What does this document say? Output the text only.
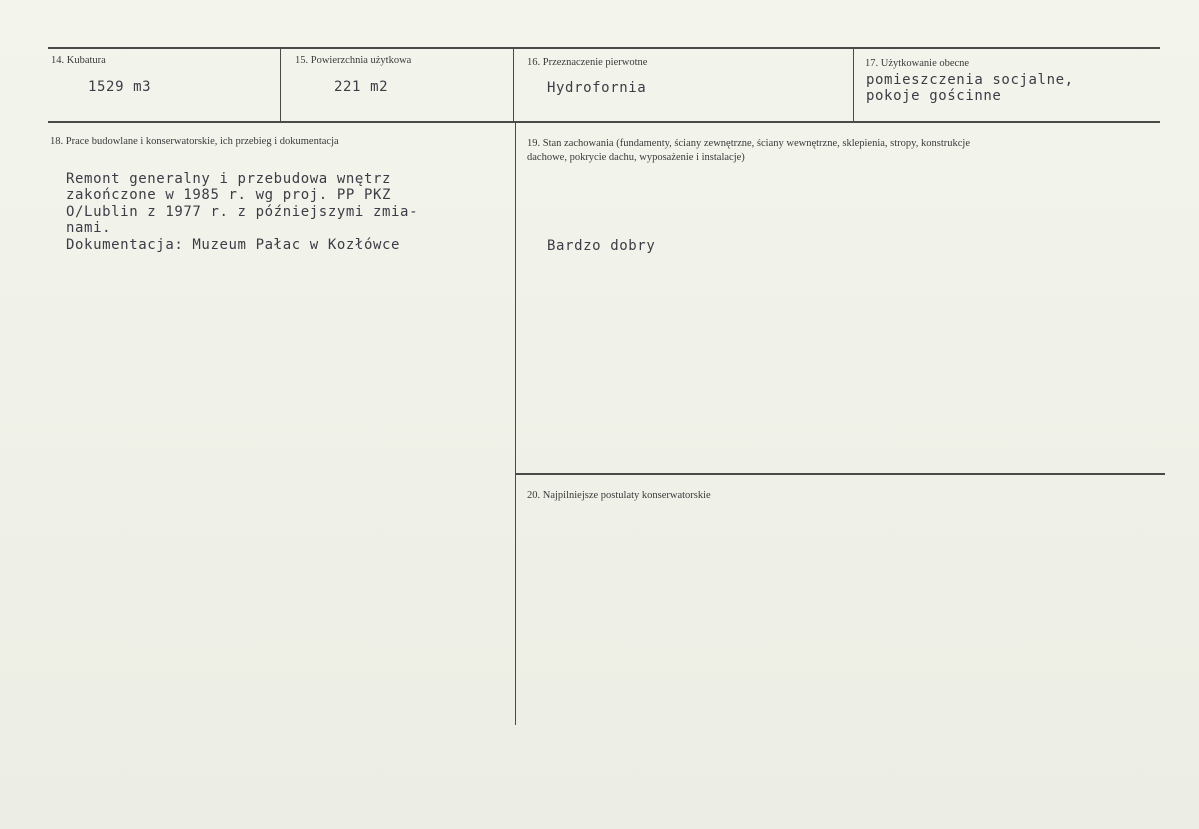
14. Kubatura
1529 m3
15. Powierzchnia użytkowa
221 m2
16. Przeznaczenie pierwotne
Hydrofornia
17. Użytkowanie obecne
pomieszczenia socjalne,
pokoje gościnne
18. Prace budowlane i konserwatorskie, ich przebieg i dokumentacja
Remont generalny i przebudowa wnętrz
zakończone w 1985 r. wg proj. PP PKZ
O/Lublin z 1977 r. z późniejszymi zmia-
nami.
Dokumentacja: Muzeum Pałac w Kozłówce
19. Stan zachowania (fundamenty, ściany zewnętrzne, ściany wewnętrzne, sklepienia, stropy, konstrukcje
dachowe, pokrycie dachu, wyposażenie i instalacje)
Bardzo dobry
20. Najpilniejsze postulaty konserwatorskie
